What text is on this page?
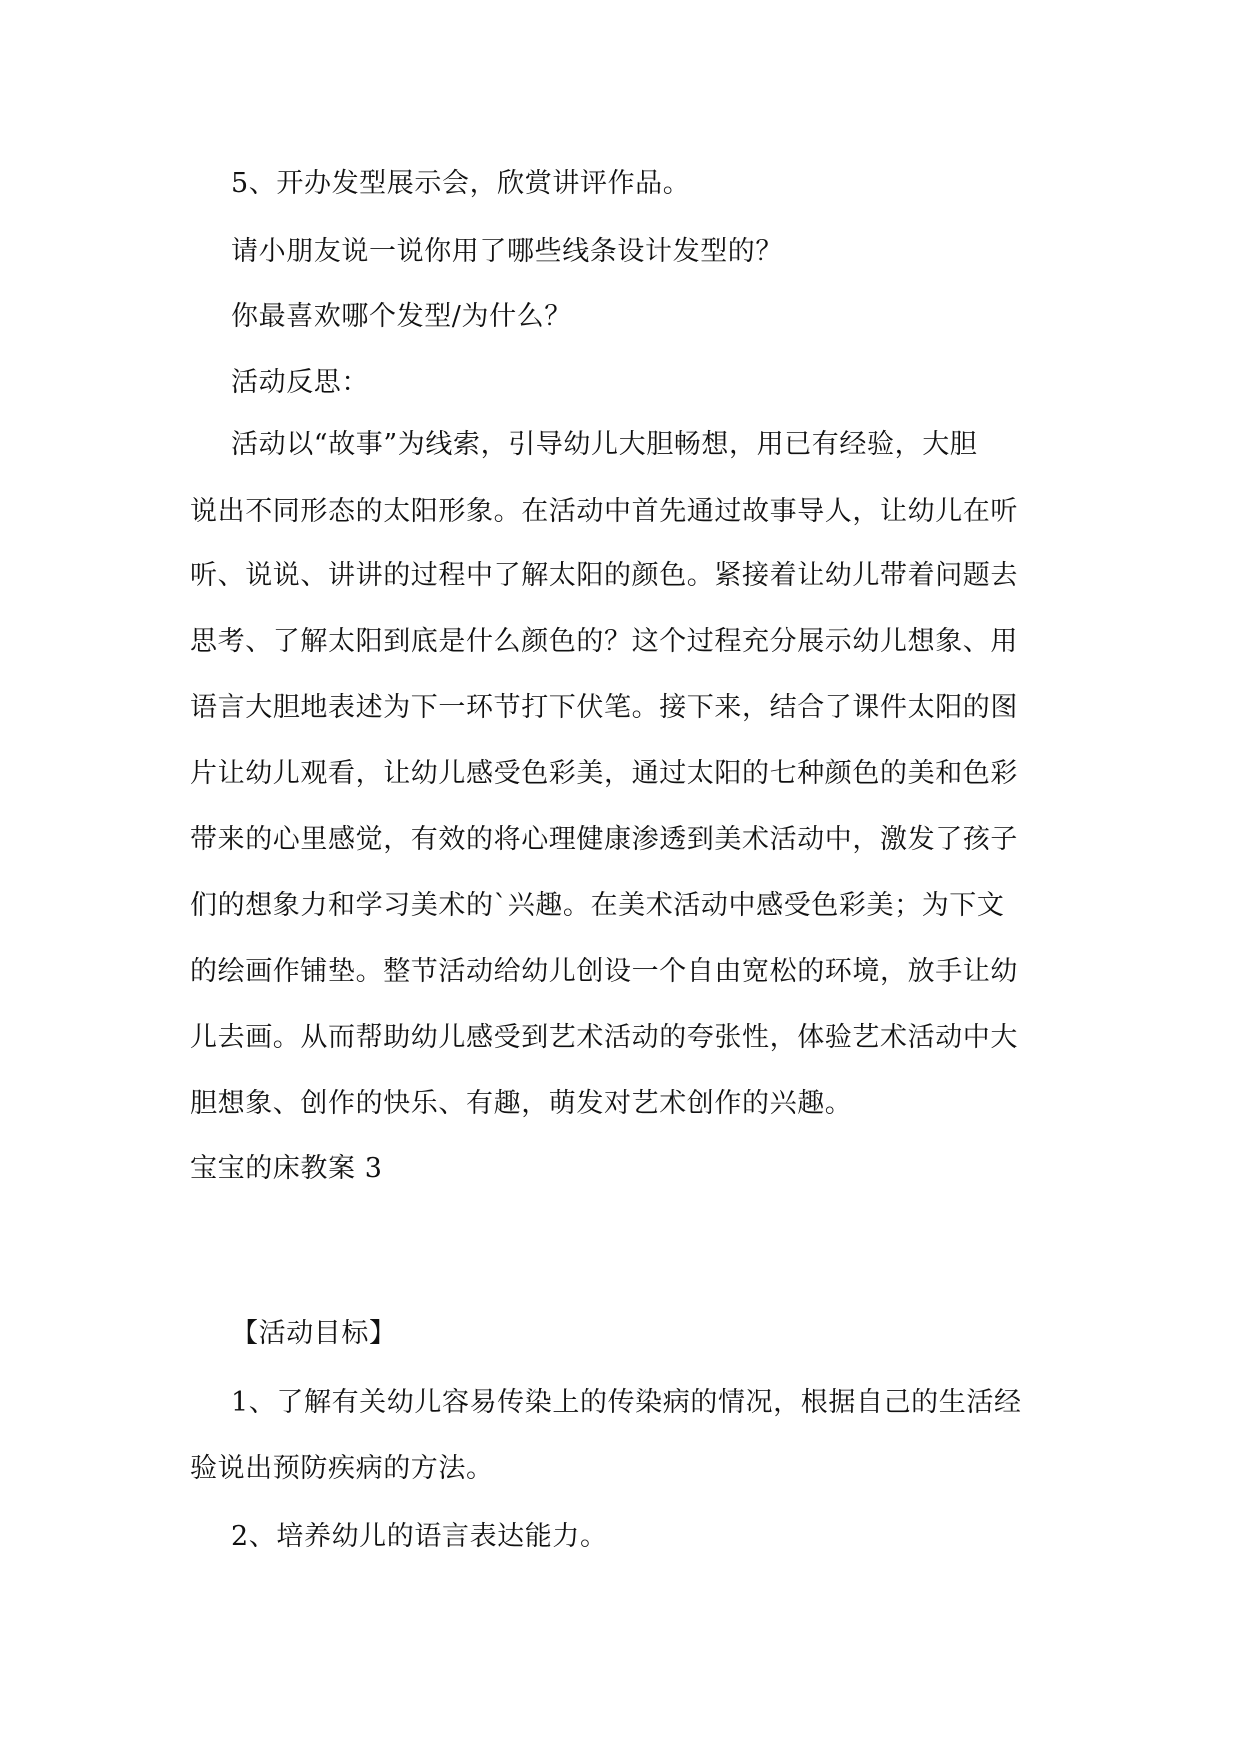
5、开办发型展示会，欣赏讲评作品。
请小朋友说一说你用了哪些线条设计发型的？
你最喜欢哪个发型/为什么？
活动反思：
活动以“故事”为线索，引导幼儿大胆畅想，用已有经验，大胆
说出不同形态的太阳形象。在活动中首先通过故事导人，让幼儿在听
听、说说、讲讲的过程中了解太阳的颜色。紧接着让幼儿带着问题去
思考、了解太阳到底是什么颜色的？这个过程充分展示幼儿想象、用
语言大胆地表述为下一环节打下伏笔。接下来，结合了课件太阳的图
片让幼儿观看，让幼儿感受色彩美，通过太阳的七种颜色的美和色彩
带来的心里感觉，有效的将心理健康渗透到美术活动中，激发了孩子
们的想象力和学习美术的`兴趣。在美术活动中感受色彩美；为下文
的绘画作铺垫。整节活动给幼儿创设一个自由宽松的环境，放手让幼
儿去画。从而帮助幼儿感受到艺术活动的夸张性，体验艺术活动中大
胆想象、创作的快乐、有趣，萌发对艺术创作的兴趣。
宝宝的床教案 3
【活动目标】
1、了解有关幼儿容易传染上的传染病的情况，根据自己的生活经
验说出预防疾病的方法。
2、培养幼儿的语言表达能力。
